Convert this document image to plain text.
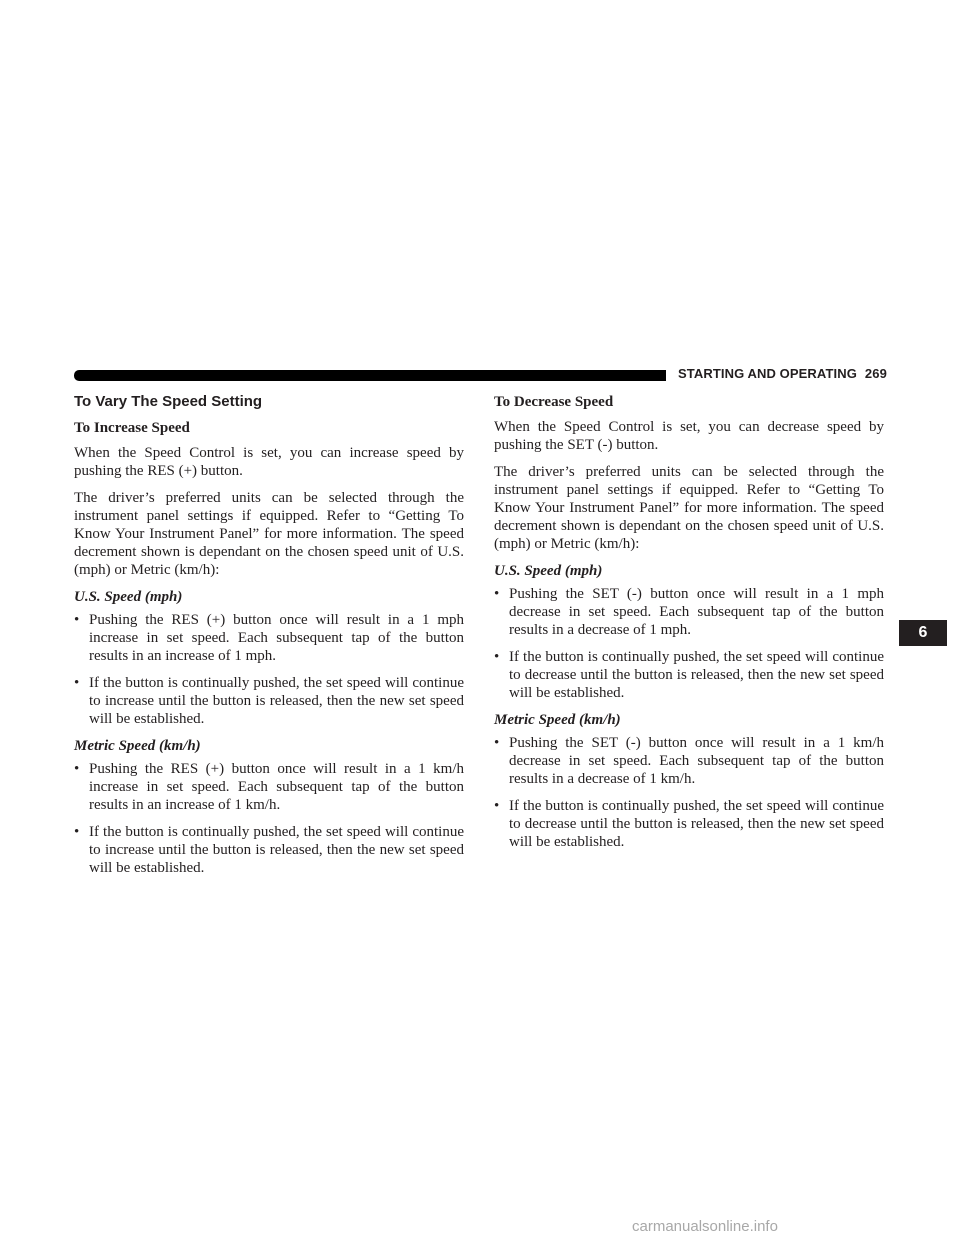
STARTING AND OPERATING 269
To Vary The Speed Setting
To Increase Speed

When the Speed Control is set, you can increase speed by pushing the RES (+) button.

The driver’s preferred units can be selected through the instrument panel settings if equipped. Refer to “Getting To Know Your Instrument Panel” for more information. The speed decrement shown is dependant on the chosen speed unit of U.S. (mph) or Metric (km/h):

U.S. Speed (mph)
• Pushing the RES (+) button once will result in a 1 mph increase in set speed. Each subsequent tap of the button results in an increase of 1 mph.
• If the button is continually pushed, the set speed will continue to increase until the button is released, then the new set speed will be established.
Metric Speed (km/h)
• Pushing the RES (+) button once will result in a 1 km/h increase in set speed. Each subsequent tap of the button results in an increase of 1 km/h.
• If the button is continually pushed, the set speed will continue to increase until the button is released, then the new set speed will be established.
To Decrease Speed

When the Speed Control is set, you can decrease speed by pushing the SET (-) button.

The driver’s preferred units can be selected through the instrument panel settings if equipped. Refer to “Getting To Know Your Instrument Panel” for more information. The speed decrement shown is dependant on the chosen speed unit of U.S. (mph) or Metric (km/h):

U.S. Speed (mph)
• Pushing the SET (-) button once will result in a 1 mph decrease in set speed. Each subsequent tap of the button results in a decrease of 1 mph.
• If the button is continually pushed, the set speed will continue to decrease until the button is released, then the new set speed will be established.
Metric Speed (km/h)
• Pushing the SET (-) button once will result in a 1 km/h decrease in set speed. Each subsequent tap of the button results in a decrease of 1 km/h.
• If the button is continually pushed, the set speed will continue to decrease until the button is released, then the new set speed will be established.
6
carmanualsonline.info
